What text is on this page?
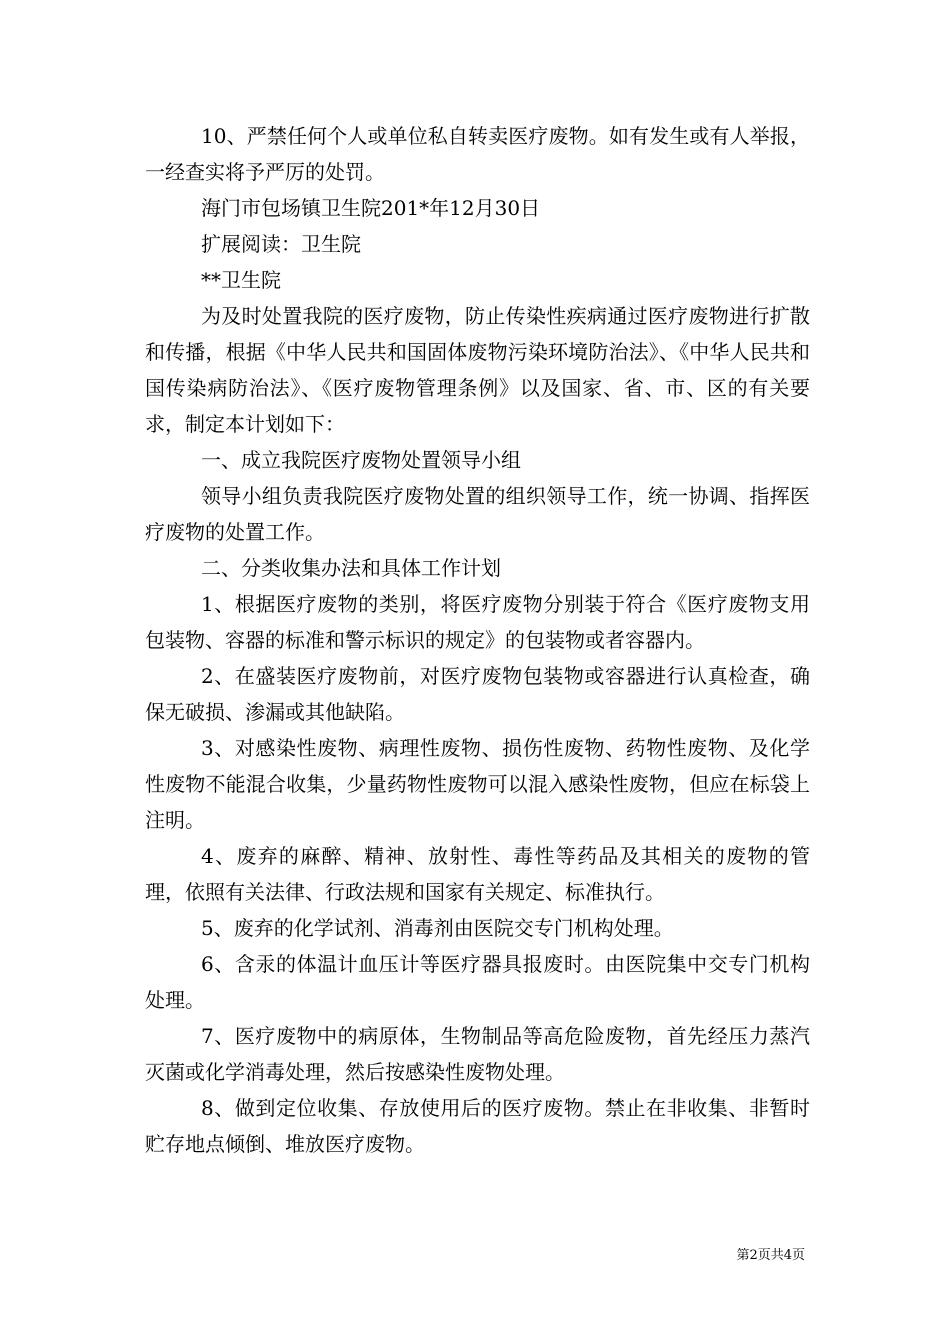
10、严禁任何个人或单位私自转卖医疗废物。如有发生或有人举报，一经查实将予严厉的处罚。

海门市包场镇卫生院201*年12月30日

扩展阅读：卫生院

**卫生院

为及时处置我院的医疗废物，防止传染性疾病通过医疗废物进行扩散和传播，根据《中华人民共和国固体废物污染环境防治法》、《中华人民共和国传染病防治法》、《医疗废物管理条例》以及国家、省、市、区的有关要求，制定本计划如下：

一、成立我院医疗废物处置领导小组

领导小组负责我院医疗废物处置的组织领导工作，统一协调、指挥医疗废物的处置工作。

二、分类收集办法和具体工作计划

1、根据医疗废物的类别，将医疗废物分别装于符合《医疗废物支用包装物、容器的标准和警示标识的规定》的包装物或者容器内。

2、在盛装医疗废物前，对医疗废物包装物或容器进行认真检查，确保无破损、渗漏或其他缺陷。

3、对感染性废物、病理性废物、损伤性废物、药物性废物、及化学性废物不能混合收集，少量药物性废物可以混入感染性废物，但应在标袋上注明。

4、废弃的麻醉、精神、放射性、毒性等药品及其相关的废物的管理，依照有关法律、行政法规和国家有关规定、标准执行。

5、废弃的化学试剂、消毒剂由医院交专门机构处理。

6、含汞的体温计血压计等医疗器具报废时。由医院集中交专门机构处理。

7、医疗废物中的病原体，生物制品等高危险废物，首先经压力蒸汽灭菌或化学消毒处理，然后按感染性废物处理。

8、做到定位收集、存放使用后的医疗废物。禁止在非收集、非暂时贮存地点倾倒、堆放医疗废物。

第2页共4页
